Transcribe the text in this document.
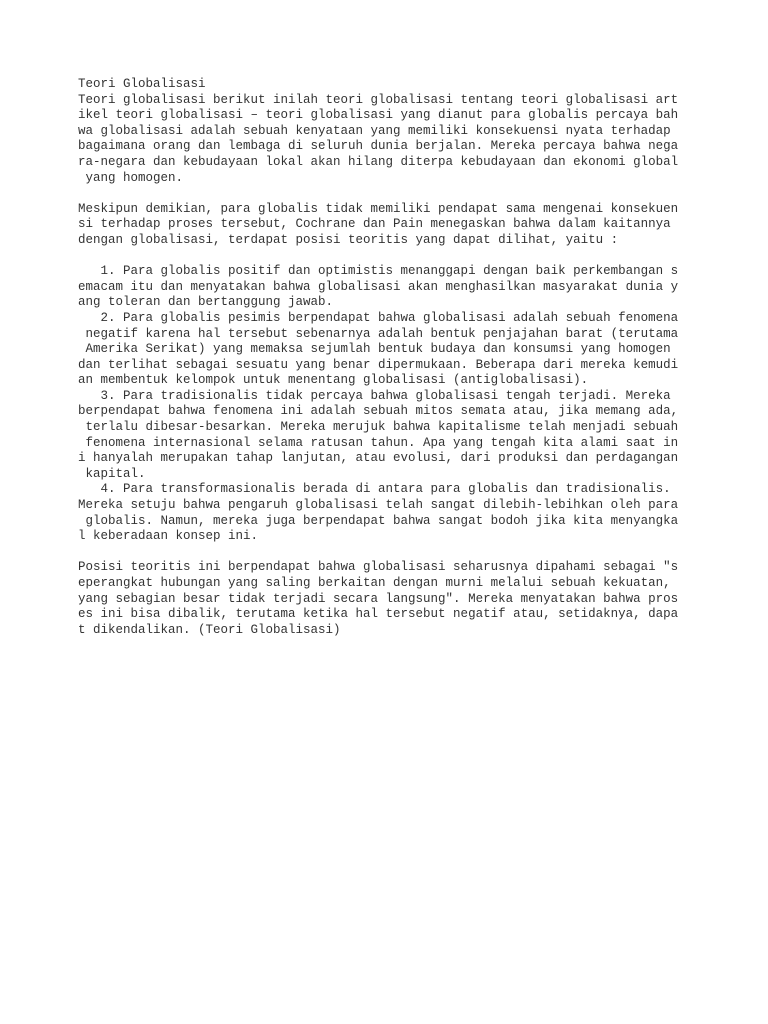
Teori Globalisasi
Teori globalisasi berikut inilah teori globalisasi tentang teori globalisasi art
ikel teori globalisasi – teori globalisasi yang dianut para globalis percaya bah
wa globalisasi adalah sebuah kenyataan yang memiliki konsekuensi nyata terhadap
bagaimana orang dan lembaga di seluruh dunia berjalan. Mereka percaya bahwa nega
ra-negara dan kebudayaan lokal akan hilang diterpa kebudayaan dan ekonomi global
yang homogen.
Meskipun demikian, para globalis tidak memiliki pendapat sama mengenai konsekuen
si terhadap proses tersebut, Cochrane dan Pain menegaskan bahwa dalam kaitannya
dengan globalisasi, terdapat posisi teoritis yang dapat dilihat, yaitu :
1. Para globalis positif dan optimistis menanggapi dengan baik perkembangan s
emacam itu dan menyatakan bahwa globalisasi akan menghasilkan masyarakat dunia y
ang toleran dan bertanggung jawab.
2. Para globalis pesimis berpendapat bahwa globalisasi adalah sebuah fenomena
negatif karena hal tersebut sebenarnya adalah bentuk penjajahan barat (terutama
Amerika Serikat) yang memaksa sejumlah bentuk budaya dan konsumsi yang homogen
dan terlihat sebagai sesuatu yang benar dipermukaan. Beberapa dari mereka kemudi
an membentuk kelompok untuk menentang globalisasi (antiglobalisasi).
3. Para tradisionalis tidak percaya bahwa globalisasi tengah terjadi. Mereka
berpendapat bahwa fenomena ini adalah sebuah mitos semata atau, jika memang ada,
terlalu dibesar-besarkan. Mereka merujuk bahwa kapitalisme telah menjadi sebuah
fenomena internasional selama ratusan tahun. Apa yang tengah kita alami saat in
i hanyalah merupakan tahap lanjutan, atau evolusi, dari produksi dan perdagangan
kapital.
4. Para transformasionalis berada di antara para globalis dan tradisionalis.
Mereka setuju bahwa pengaruh globalisasi telah sangat dilebih-lebihkan oleh para
globalis. Namun, mereka juga berpendapat bahwa sangat bodoh jika kita menyangka
l keberadaan konsep ini.
Posisi teoritis ini berpendapat bahwa globalisasi seharusnya dipahami sebagai "s
eperangkat hubungan yang saling berkaitan dengan murni melalui sebuah kekuatan,
yang sebagian besar tidak terjadi secara langsung". Mereka menyatakan bahwa pros
es ini bisa dibalik, terutama ketika hal tersebut negatif atau, setidaknya, dapa
t dikendalikan. (Teori Globalisasi)
